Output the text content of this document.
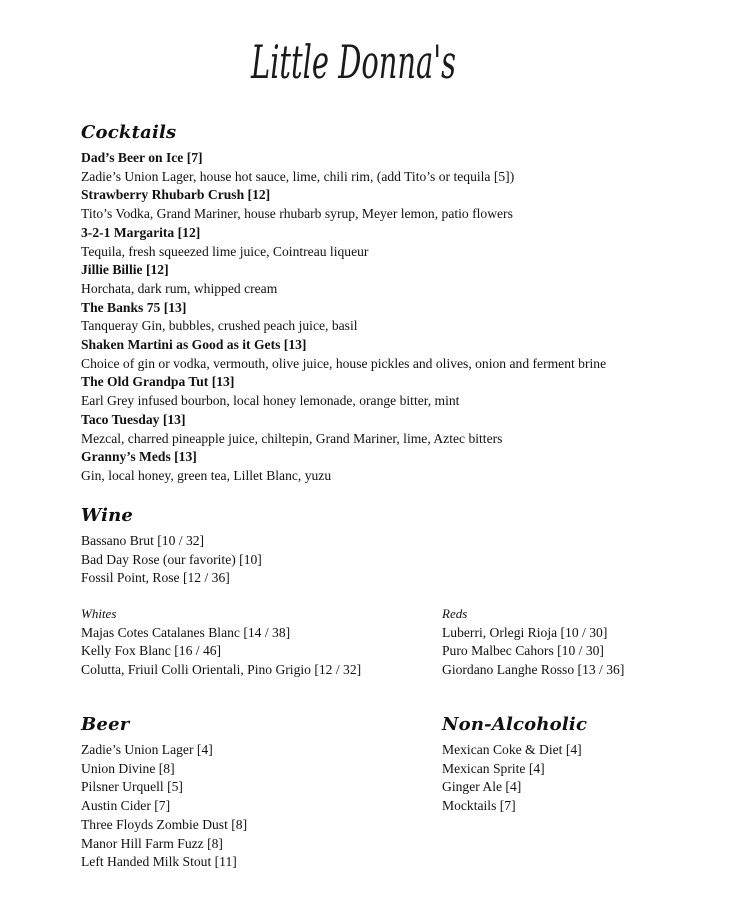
Little Donna's
Cocktails
Dad’s Beer on Ice [7]
Zadie’s Union Lager, house hot sauce, lime, chili rim, (add Tito’s or tequila [5])
Strawberry Rhubarb Crush [12]
Tito’s Vodka, Grand Mariner, house rhubarb syrup, Meyer lemon, patio flowers
3-2-1 Margarita [12]
Tequila, fresh squeezed lime juice, Cointreau liqueur
Jillie Billie [12]
Horchata, dark rum, whipped cream
The Banks 75 [13]
Tanqueray Gin, bubbles, crushed peach juice, basil
Shaken Martini as Good as it Gets [13]
Choice of gin or vodka, vermouth, olive juice, house pickles and olives, onion and ferment brine
The Old Grandpa Tut [13]
Earl Grey infused bourbon, local honey lemonade, orange bitter, mint
Taco Tuesday [13]
Mezcal, charred pineapple juice, chiltepin, Grand Mariner, lime, Aztec bitters
Granny’s Meds [13]
Gin, local honey, green tea, Lillet Blanc, yuzu
Wine
Bassano Brut [10 / 32]
Bad Day Rose (our favorite) [10]
Fossil Point, Rose [12 / 36]
Whites
Majas Cotes Catalanes Blanc [14 / 38]
Kelly Fox Blanc [16 / 46]
Colutta, Friuil Colli Orientali, Pino Grigio [12 / 32]
Reds
Luberri, Orlegi Rioja [10 / 30]
Puro Malbec Cahors [10 / 30]
Giordano Langhe Rosso [13 / 36]
Beer
Zadie’s Union Lager [4]
Union Divine [8]
Pilsner Urquell [5]
Austin Cider [7]
Three Floyds Zombie Dust [8]
Manor Hill Farm Fuzz [8]
Left Handed Milk Stout [11]
Non-Alcoholic
Mexican Coke & Diet [4]
Mexican Sprite [4]
Ginger Ale [4]
Mocktails [7]
